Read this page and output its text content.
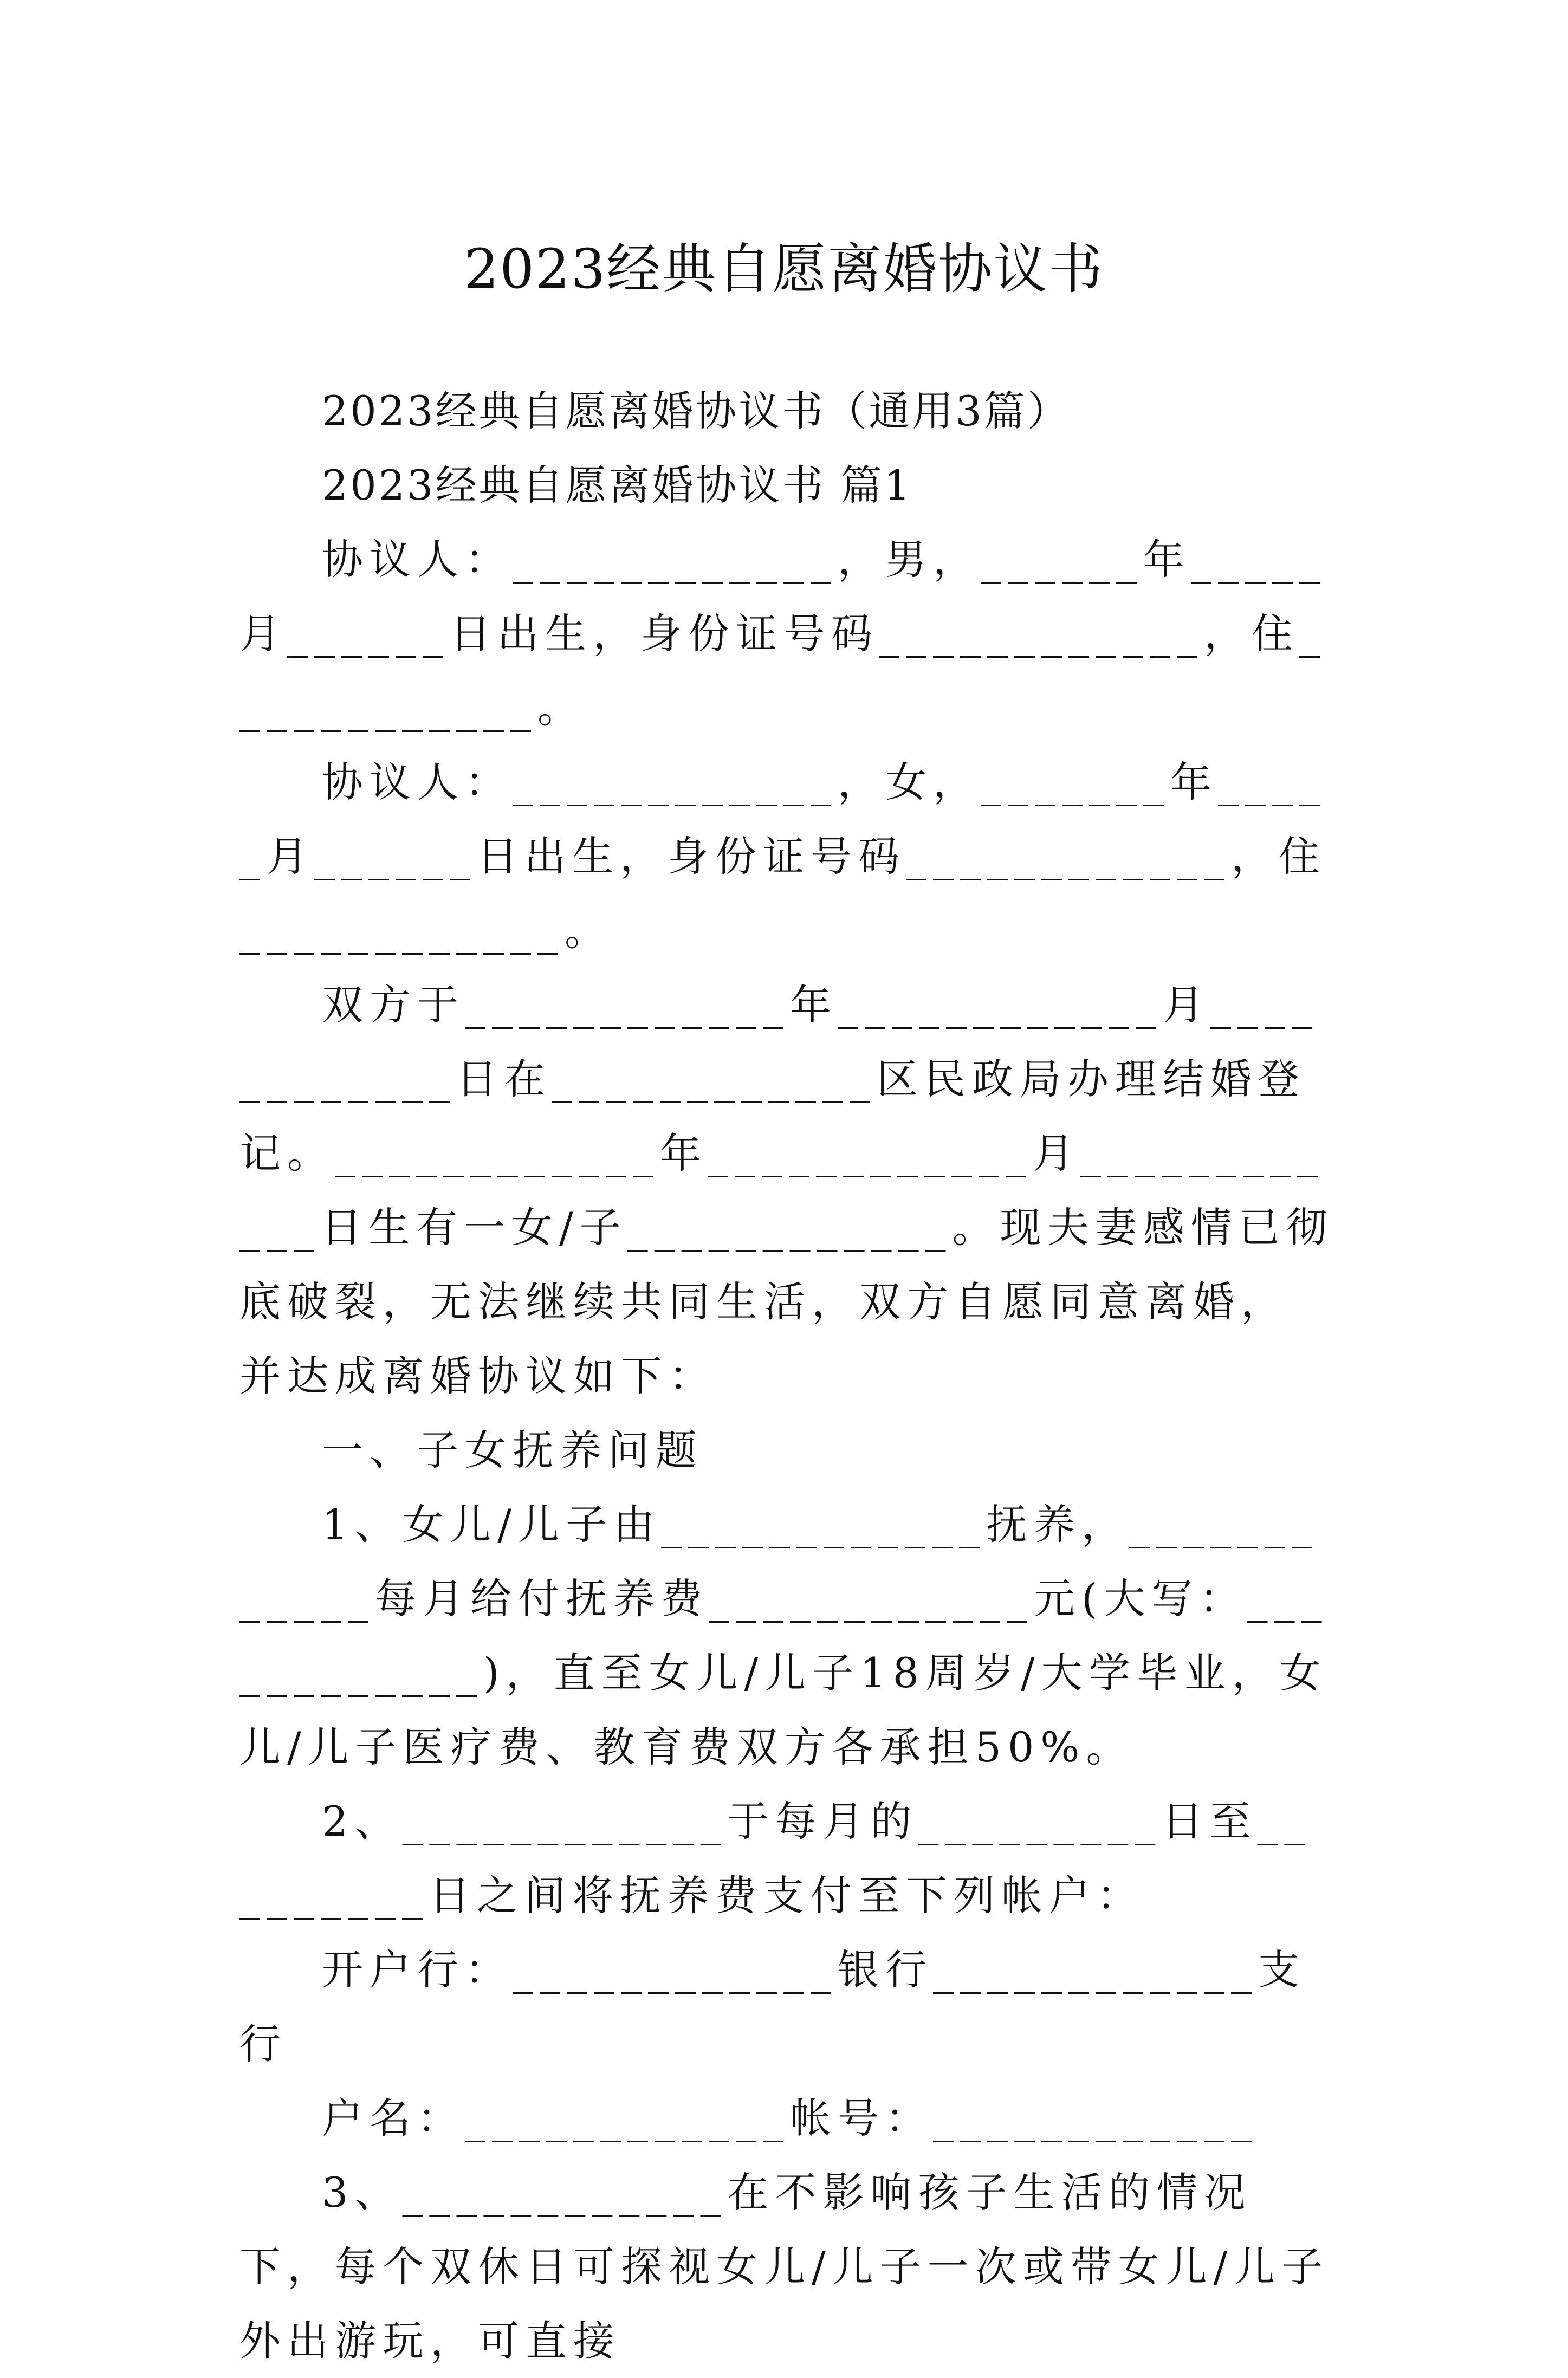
2023经典自愿离婚协议书

2023经典自愿离婚协议书（通用3篇）

2023经典自愿离婚协议书 篇1

协议人：____________，男，______年_____月______日出生，身份证号码____________，住____________。

协议人：____________，女，_______年_____月______日出生，身份证号码____________，住____________。

双方于____________年____________月____________日在____________区民政局办理结婚登记。____________年____________月____________日生有一女/子____________。现夫妻感情已彻底破裂，无法继续共同生活，双方自愿同意离婚，并达成离婚协议如下：

一、子女抚养问题

1、女儿/儿子由____________抚养，____________每月给付抚养费____________元(大写：____________)，直至女儿/儿子18周岁/大学毕业，女儿/儿子医疗费、教育费双方各承担50%。

2、____________于每月的_________日至_________日之间将抚养费支付至下列帐户：

开户行：____________银行____________支行

户名：____________帐号：____________

3、____________在不影响孩子生活的情况下，每个双休日可探视女儿/儿子一次或带女儿/儿子外出游玩，可直接
